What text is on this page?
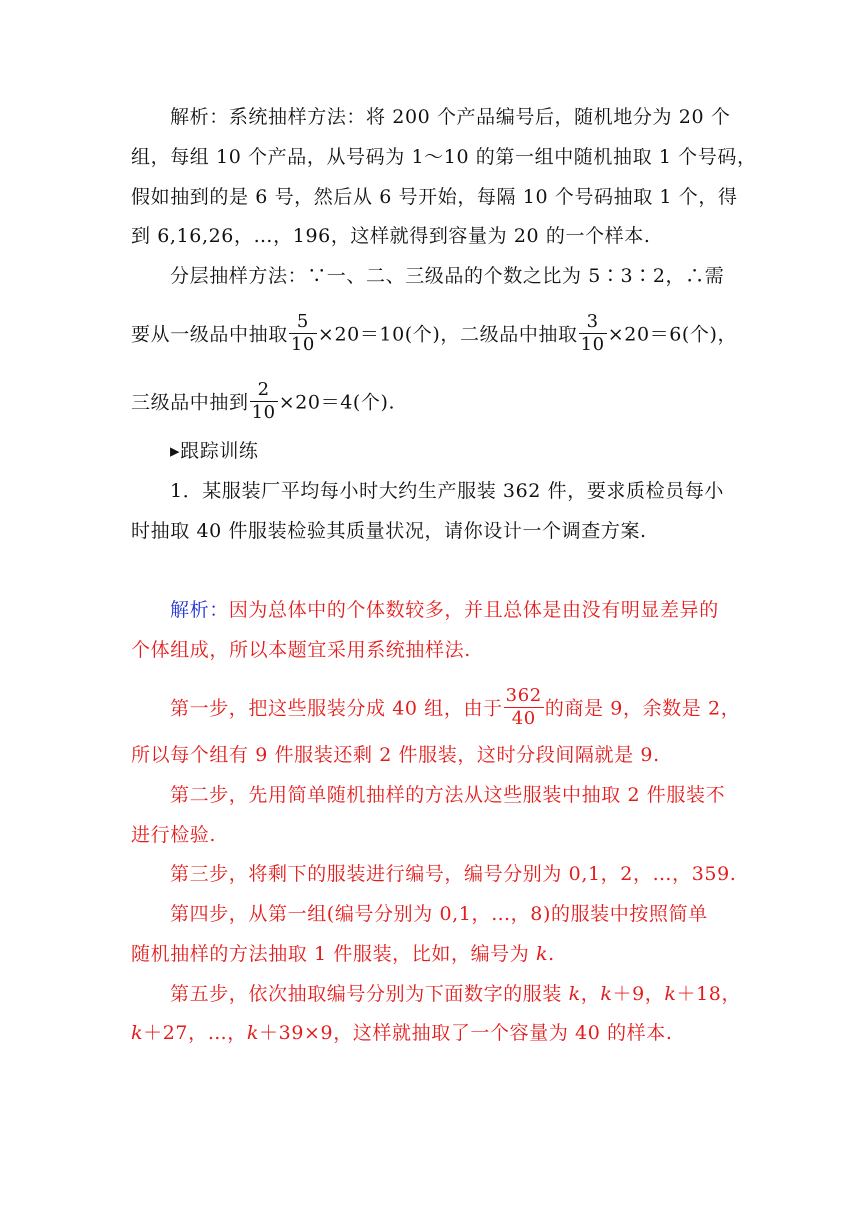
解析：系统抽样方法：将 200 个产品编号后，随机地分为 20 个
组，每组 10 个产品，从号码为 1～10 的第一组中随机抽取 1 个号码，
假如抽到的是 6 号，然后从 6 号开始，每隔 10 个号码抽取 1 个，得
到 6,16,26，…，196，这样就得到容量为 20 的一个样本.
分层抽样方法：∵一、二、三级品的个数之比为 5∶3∶2，∴需
要从一级品中抽取 $\frac{5}{10} \times 20=10$(个)，二级品中抽取 $\frac{3}{10} \times 20=6$(个)，
三级品中抽到 $\frac{2}{10} \times 20=4$(个).
▸跟踪训练
1．某服装厂平均每小时大约生产服装 362 件，要求质检员每小
时抽取 40 件服装检验其质量状况，请你设计一个调查方案.
解析：因为总体中的个体数较多，并且总体是由没有明显差异的
个体组成，所以本题宜采用系统抽样法.
第一步，把这些服装分成 40 组，由于 $\frac{362}{40}$ 的商是 9，余数是 2，
所以每个组有 9 件服装还剩 2 件服装，这时分段间隔就是 9.
第二步，先用简单随机抽样的方法从这些服装中抽取 2 件服装不
进行检验.
第三步，将剩下的服装进行编号，编号分别为 0,1，2，…，359.
第四步，从第一组(编号分别为 0,1，…，8)的服装中按照简单
随机抽样的方法抽取 1 件服装，比如，编号为 k.
第五步，依次抽取编号分别为下面数字的服装 k，k＋9，k＋18，
k＋27，…，k＋39×9，这样就抽取了一个容量为 40 的样本.
